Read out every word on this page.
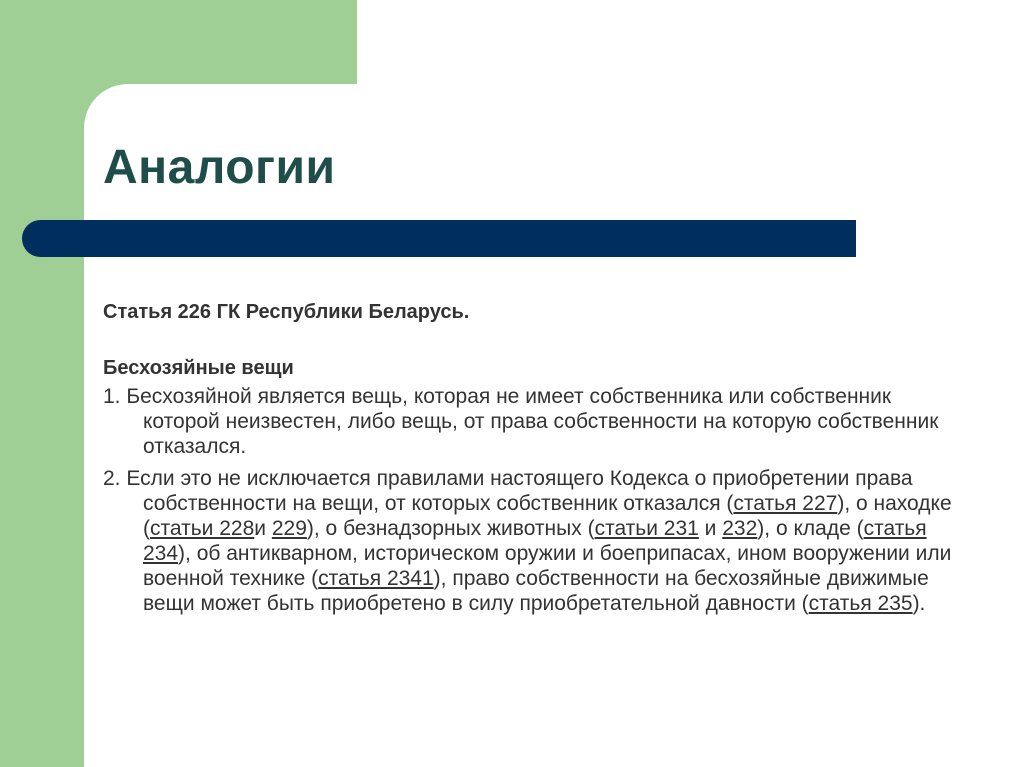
Аналогии

Статья 226 ГК Республики Беларусь.

Бесхозяйные вещи

1. Бесхозяйной является вещь, которая не имеет собственника или собственник которой неизвестен, либо вещь, от права собственности на которую собственник отказался.

2. Если это не исключается правилами настоящего Кодекса о приобретении права собственности на вещи, от которых собственник отказался (статья 227), о находке (статьи 228и 229), о безнадзорных животных (статьи 231 и 232), о кладе (статья 234), об антикварном, историческом оружии и боеприпасах, ином вооружении или военной технике (статья 2341), право собственности на бесхозяйные движимые вещи может быть приобретено в силу приобретательной давности (статья 235).
